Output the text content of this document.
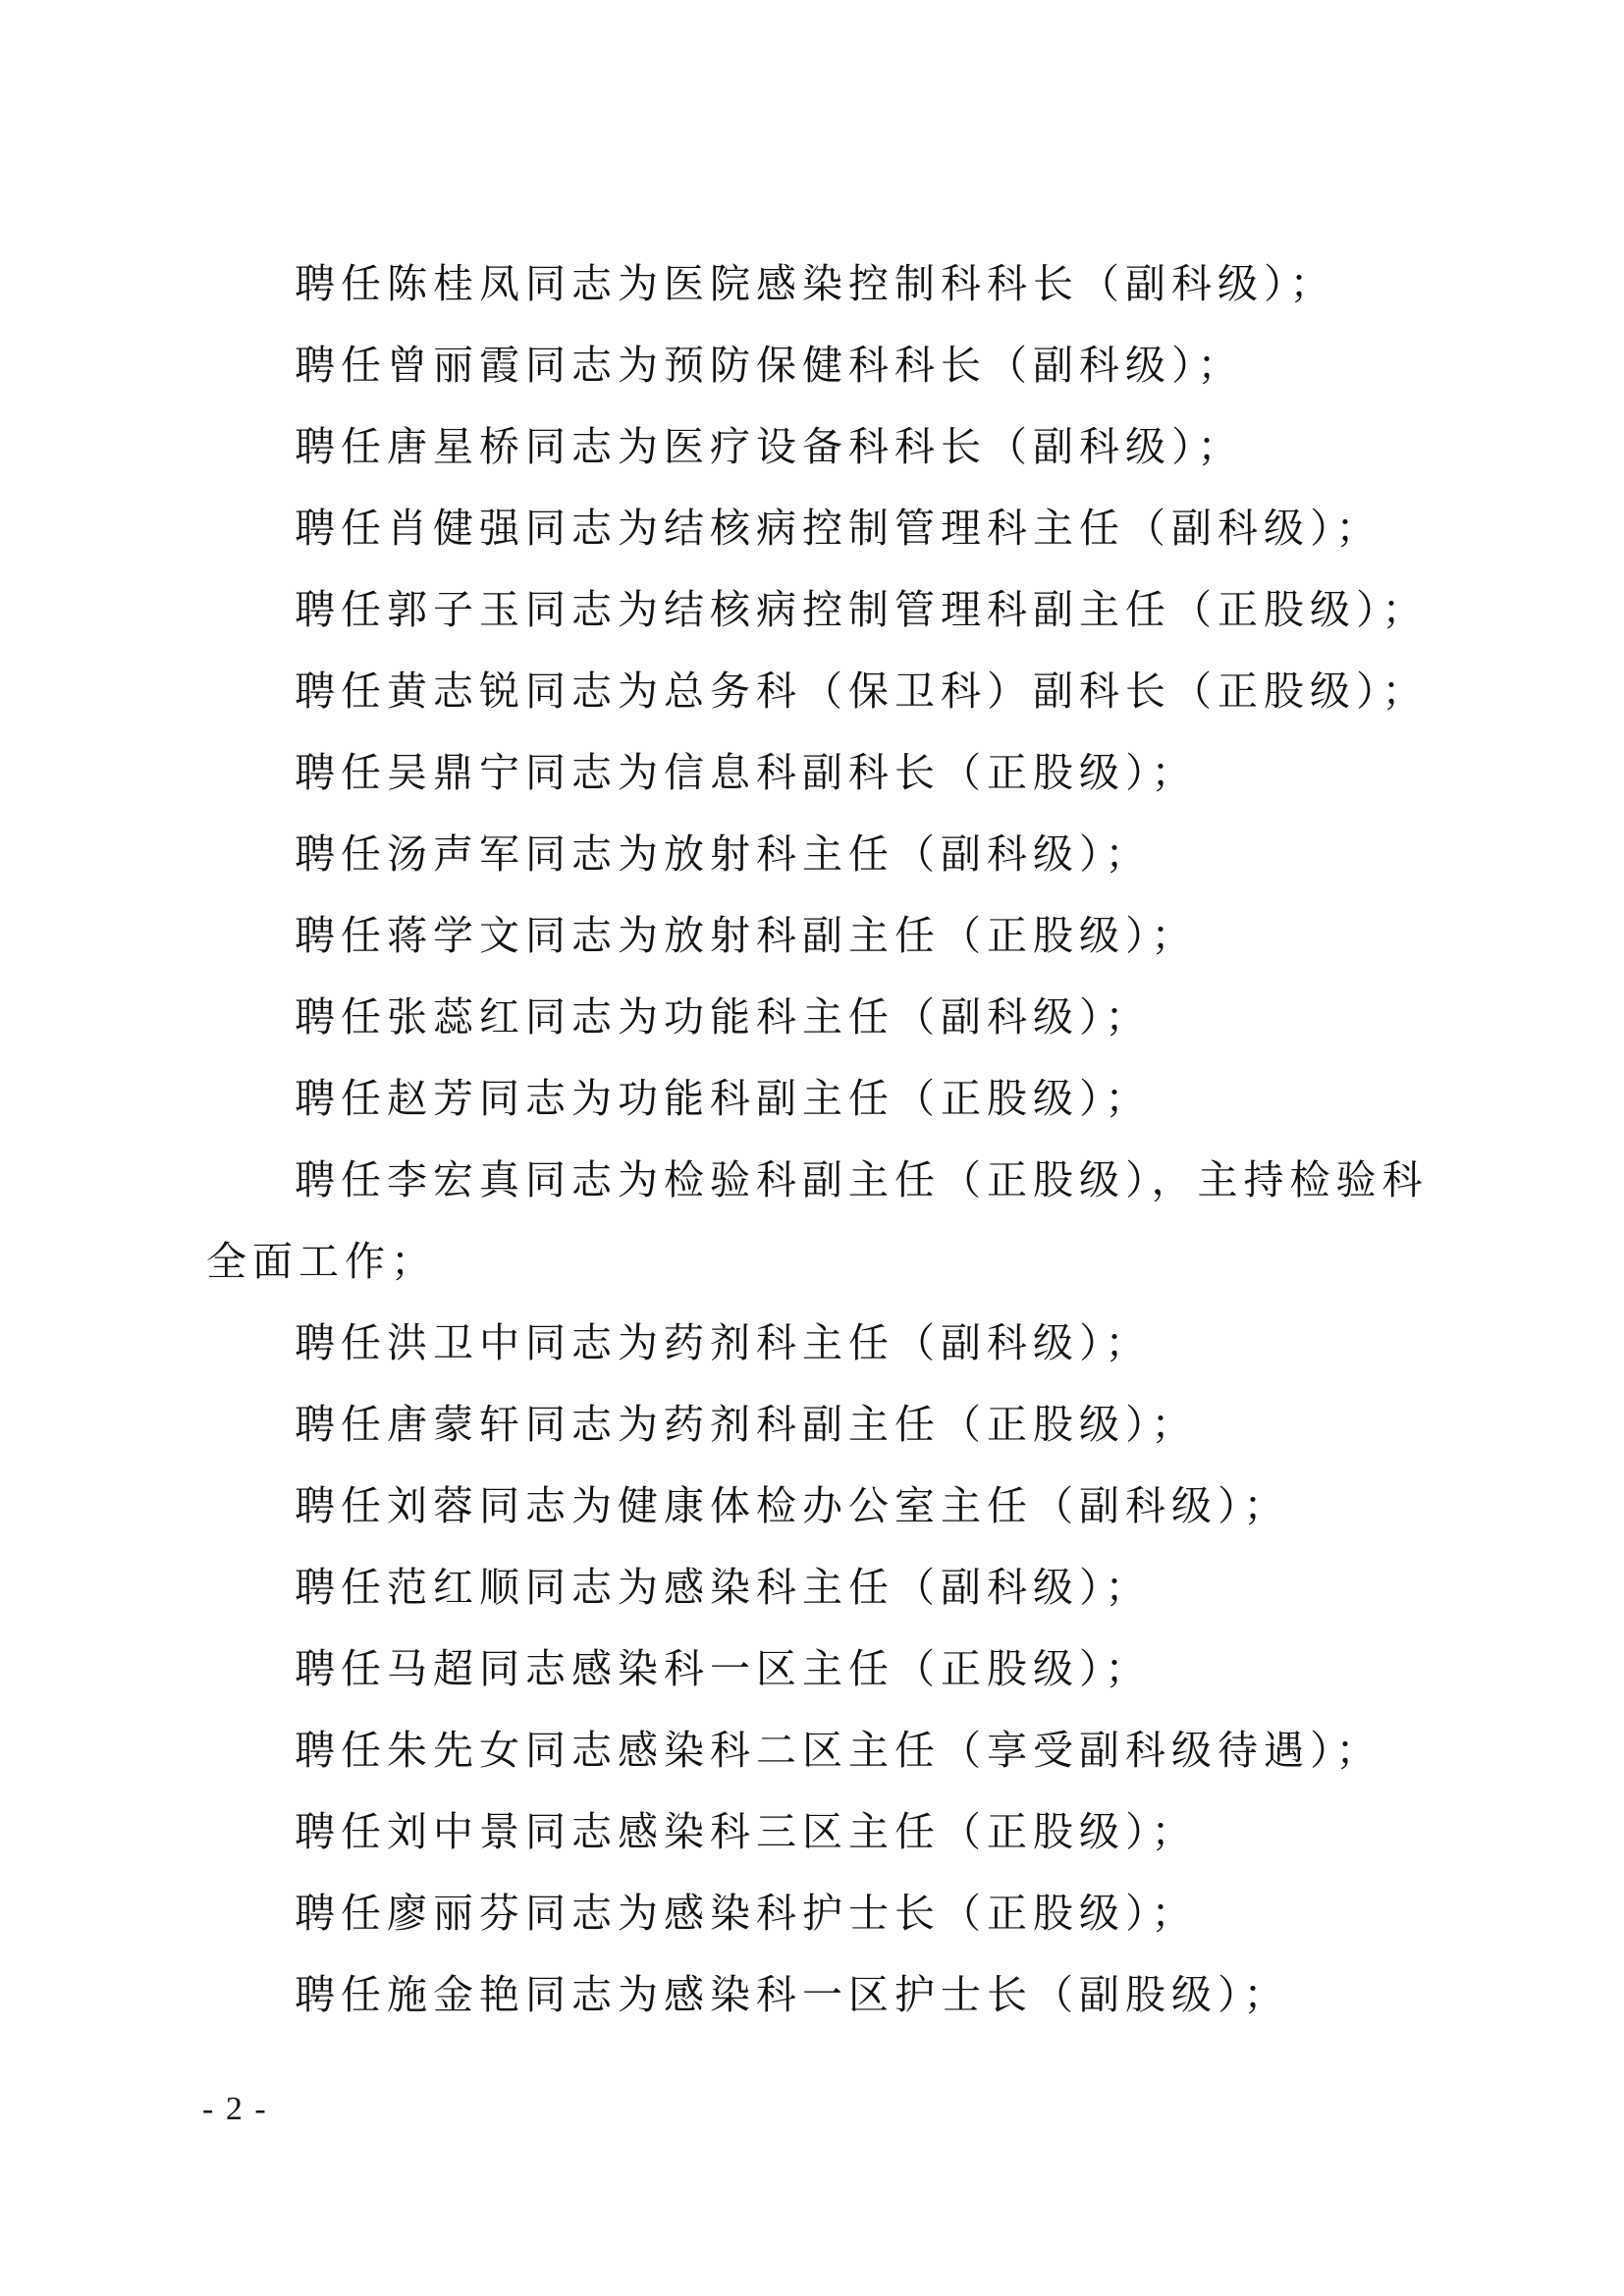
聘任陈桂凤同志为医院感染控制科科长（副科级）；

聘任曾丽霞同志为预防保健科科长（副科级）；

聘任唐星桥同志为医疗设备科科长（副科级）；

聘任肖健强同志为结核病控制管理科主任（副科级）；

聘任郭子玉同志为结核病控制管理科副主任（正股级）；

聘任黄志锐同志为总务科（保卫科）副科长（正股级）；

聘任吴鼎宁同志为信息科副科长（正股级）；

聘任汤声军同志为放射科主任（副科级）；

聘任蒋学文同志为放射科副主任（正股级）；

聘任张蕊红同志为功能科主任（副科级）；

聘任赵芳同志为功能科副主任（正股级）；

聘任李宏真同志为检验科副主任（正股级），主持检验科全面工作；

聘任洪卫中同志为药剂科主任（副科级）；

聘任唐蒙轩同志为药剂科副主任（正股级）；

聘任刘蓉同志为健康体检办公室主任（副科级）；

聘任范红顺同志为感染科主任（副科级）；

聘任马超同志感染科一区主任（正股级）；

聘任朱先女同志感染科二区主任（享受副科级待遇）；

聘任刘中景同志感染科三区主任（正股级）；

聘任廖丽芬同志为感染科护士长（正股级）；

聘任施金艳同志为感染科一区护士长（副股级）；

- 2 -
